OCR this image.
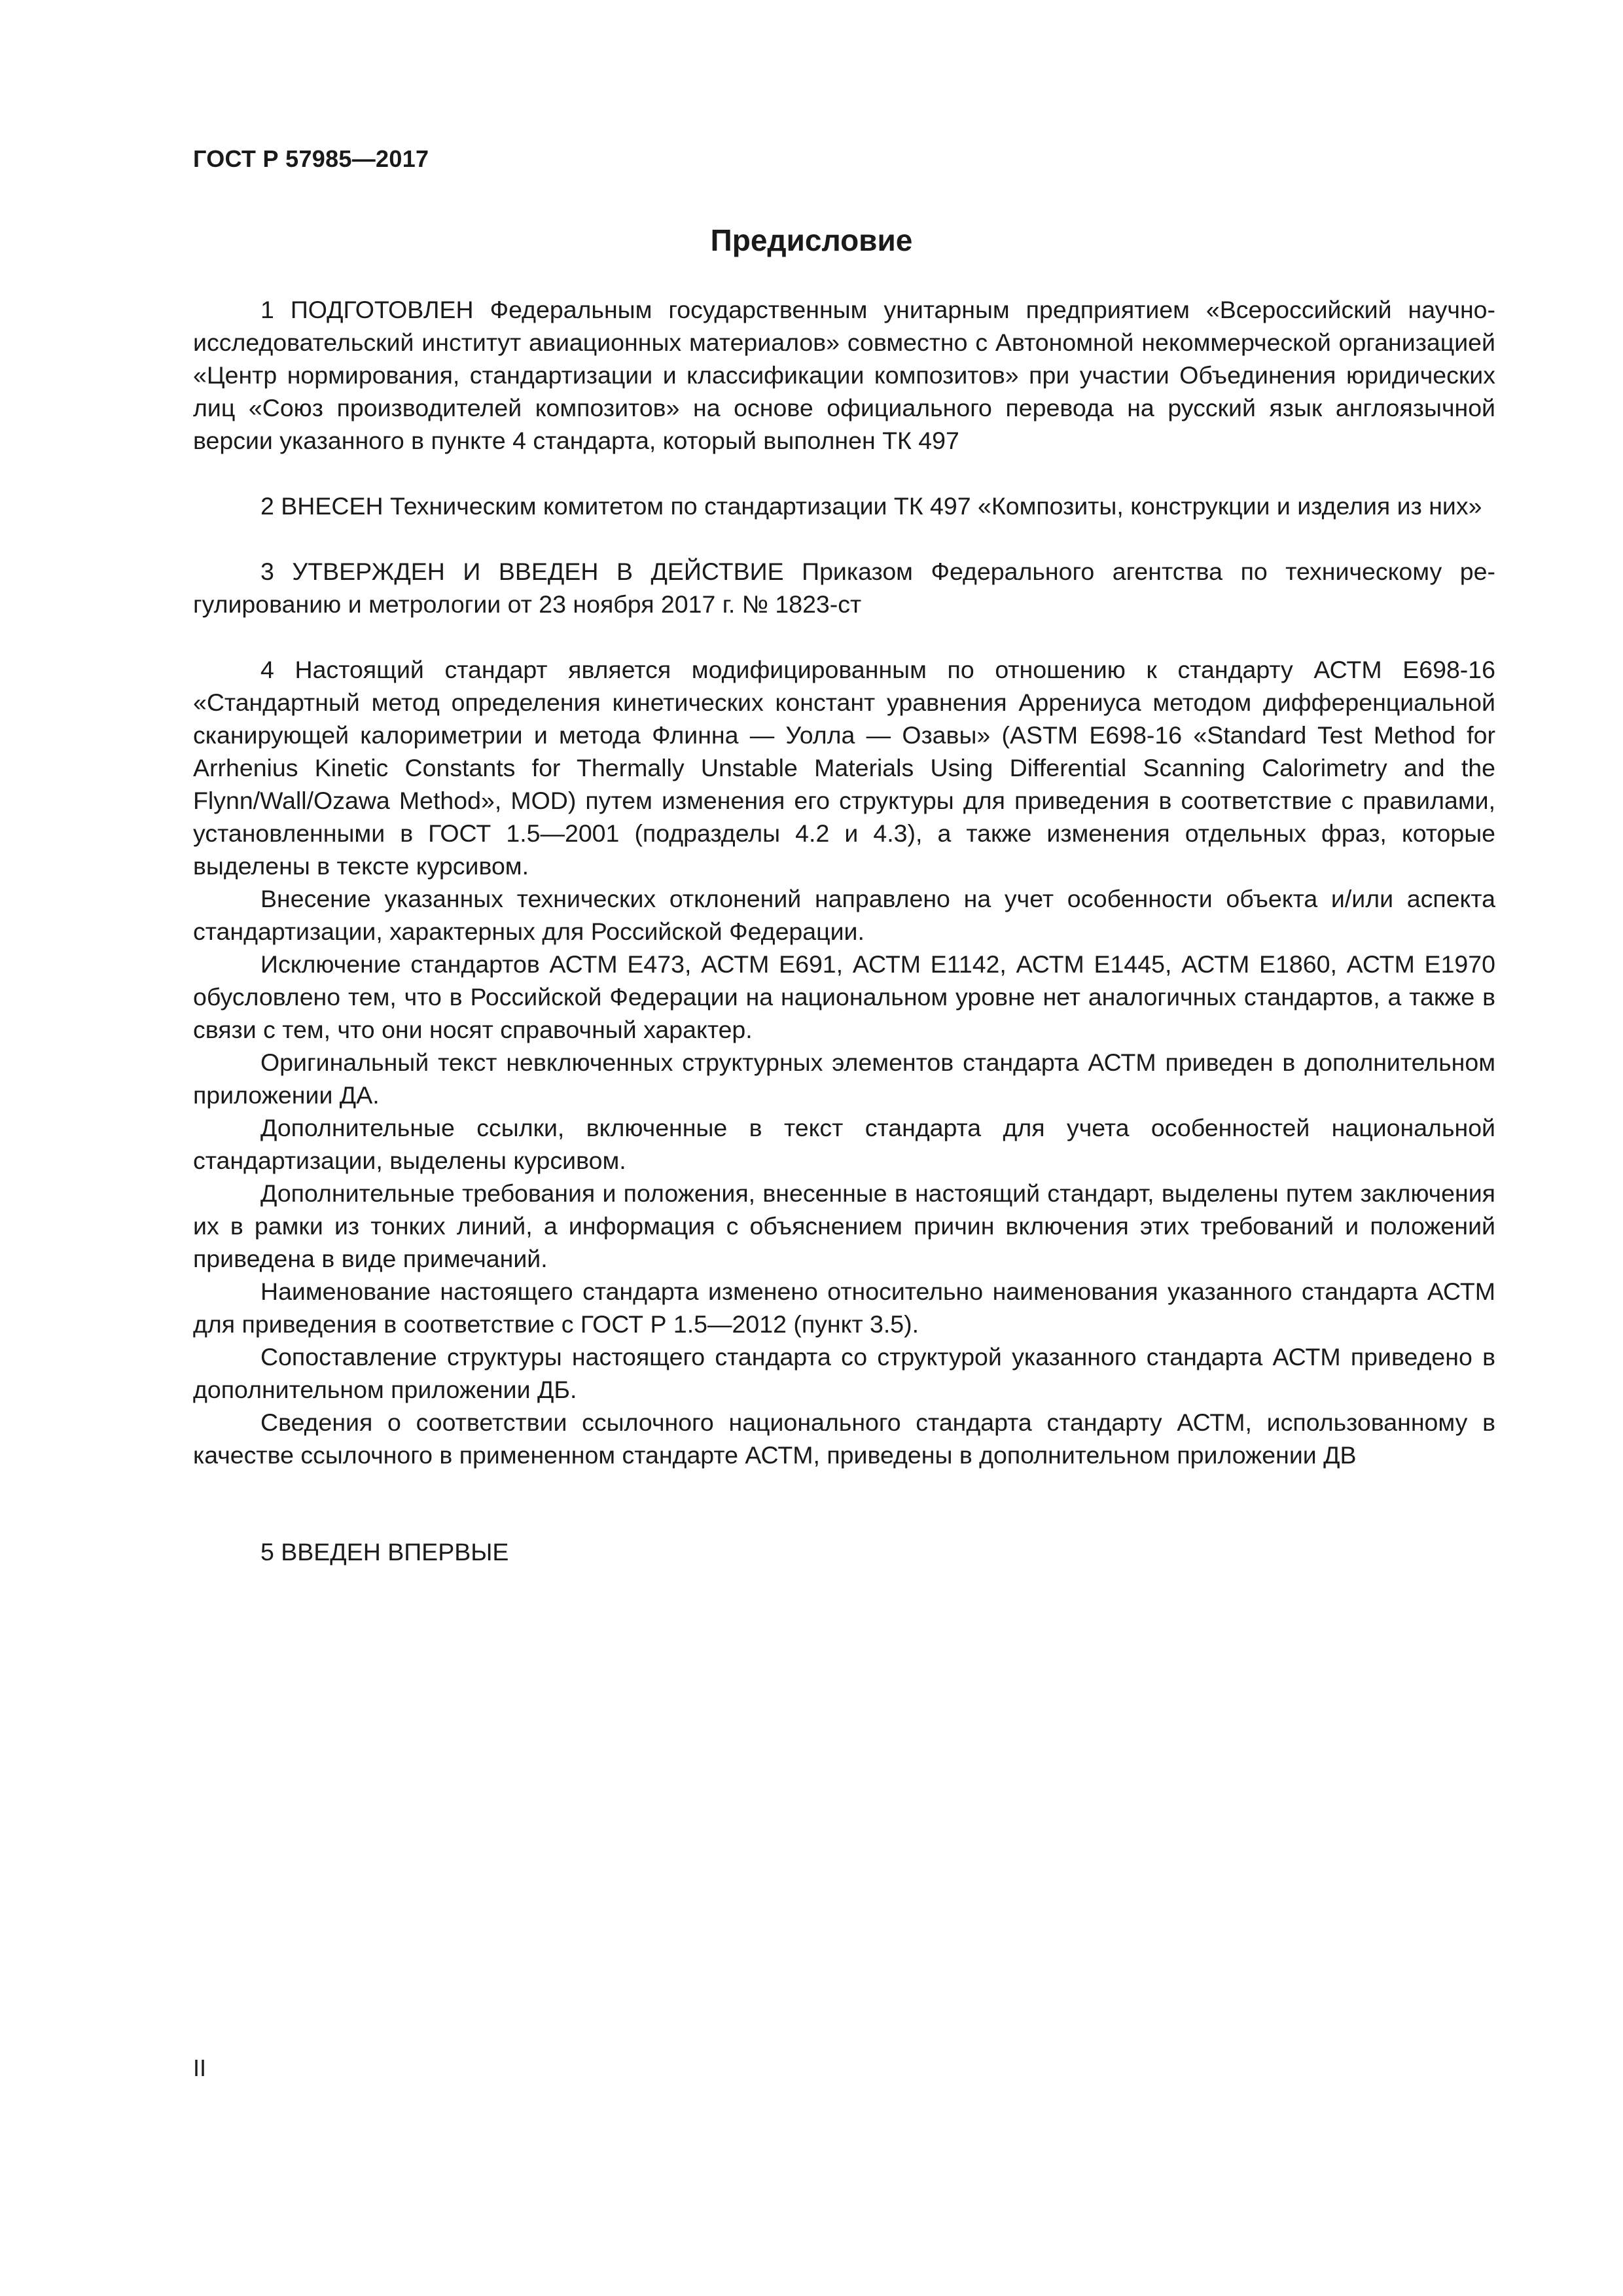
ГОСТ Р 57985—2017
Предисловие

1 ПОДГОТОВЛЕН Федеральным государственным унитарным предприятием «Всероссийский научно-исследовательский институт авиационных материалов» совместно с Автономной некоммерческой организацией «Центр нормирования, стандартизации и классификации композитов» при участии Объединения юридических лиц «Союз производителей композитов» на основе официального перевода на русский язык англоязычной версии указанного в пункте 4 стандарта, который выполнен ТК 497

2 ВНЕСЕН Техническим комитетом по стандартизации ТК 497 «Композиты, конструкции и изделия из них»

3 УТВЕРЖДЕН И ВВЕДЕН В ДЕЙСТВИЕ Приказом Федерального агентства по техническому регулированию и метрологии от 23 ноября 2017 г. № 1823-ст

4 Настоящий стандарт является модифицированным по отношению к стандарту АСТМ Е698-16 «Стандартный метод определения кинетических констант уравнения Аррениуса методом дифференциальной сканирующей калориметрии и метода Флинна — Уолла — Озавы» (ASTM E698-16 «Standard Test Method for Arrhenius Kinetic Constants for Thermally Unstable Materials Using Differential Scanning Calorimetry and the Flynn/Wall/Ozawa Method», MOD) путем изменения его структуры для приведения в соответствие с правилами, установленными в ГОСТ 1.5—2001 (подразделы 4.2 и 4.3), а также изменения отдельных фраз, которые выделены в тексте курсивом.

Внесение указанных технических отклонений направлено на учет особенности объекта и/или аспекта стандартизации, характерных для Российской Федерации.

Исключение стандартов АСТМ Е473, АСТМ Е691, АСТМ Е1142, АСТМ Е1445, АСТМ Е1860, АСТМ Е1970 обусловлено тем, что в Российской Федерации на национальном уровне нет аналогичных стандартов, а также в связи с тем, что они носят справочный характер.

Оригинальный текст невключенных структурных элементов стандарта АСТМ приведен в дополнительном приложении ДА.

Дополнительные ссылки, включенные в текст стандарта для учета особенностей национальной стандартизации, выделены курсивом.

Дополнительные требования и положения, внесенные в настоящий стандарт, выделены путем заключения их в рамки из тонких линий, а информация с объяснением причин включения этих требований и положений приведена в виде примечаний.

Наименование настоящего стандарта изменено относительно наименования указанного стандарта АСТМ для приведения в соответствие с ГОСТ Р 1.5—2012 (пункт 3.5).

Сопоставление структуры настоящего стандарта со структурой указанного стандарта АСТМ приведено в дополнительном приложении ДБ.

Сведения о соответствии ссылочного национального стандарта стандарту АСТМ, использованному в качестве ссылочного в примененном стандарте АСТМ, приведены в дополнительном приложении ДВ

5 ВВЕДЕН ВПЕРВЫЕ

II
